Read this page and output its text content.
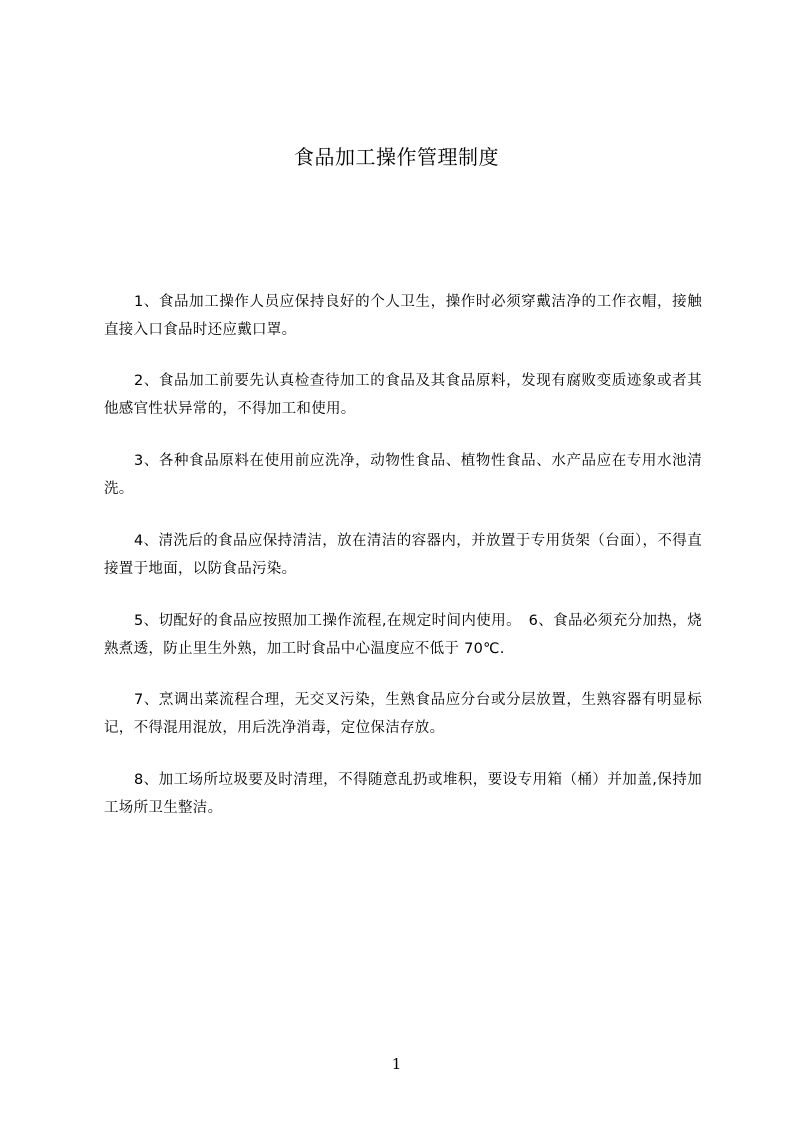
食品加工操作管理制度
1、食品加工操作人员应保持良好的个人卫生，操作时必须穿戴洁净的工作衣帽，接触直接入口食品时还应戴口罩。
2、食品加工前要先认真检查待加工的食品及其食品原料，发现有腐败变质迹象或者其他感官性状异常的，不得加工和使用。
3、各种食品原料在使用前应洗净，动物性食品、植物性食品、水产品应在专用水池清洗。
4、清洗后的食品应保持清洁，放在清洁的容器内，并放置于专用货架（台面），不得直接置于地面，以防食品污染。
5、切配好的食品应按照加工操作流程,在规定时间内使用。　6、食品必须充分加热，烧熟煮透，防止里生外熟，加工时食品中心温度应不低于 70℃.
7、烹调出菜流程合理，无交叉污染，生熟食品应分台或分层放置，生熟容器有明显标记，不得混用混放，用后洗净消毒，定位保洁存放。
8、加工场所垃圾要及时清理，不得随意乱扔或堆积，要设专用箱（桶）并加盖,保持加工场所卫生整洁。
1
